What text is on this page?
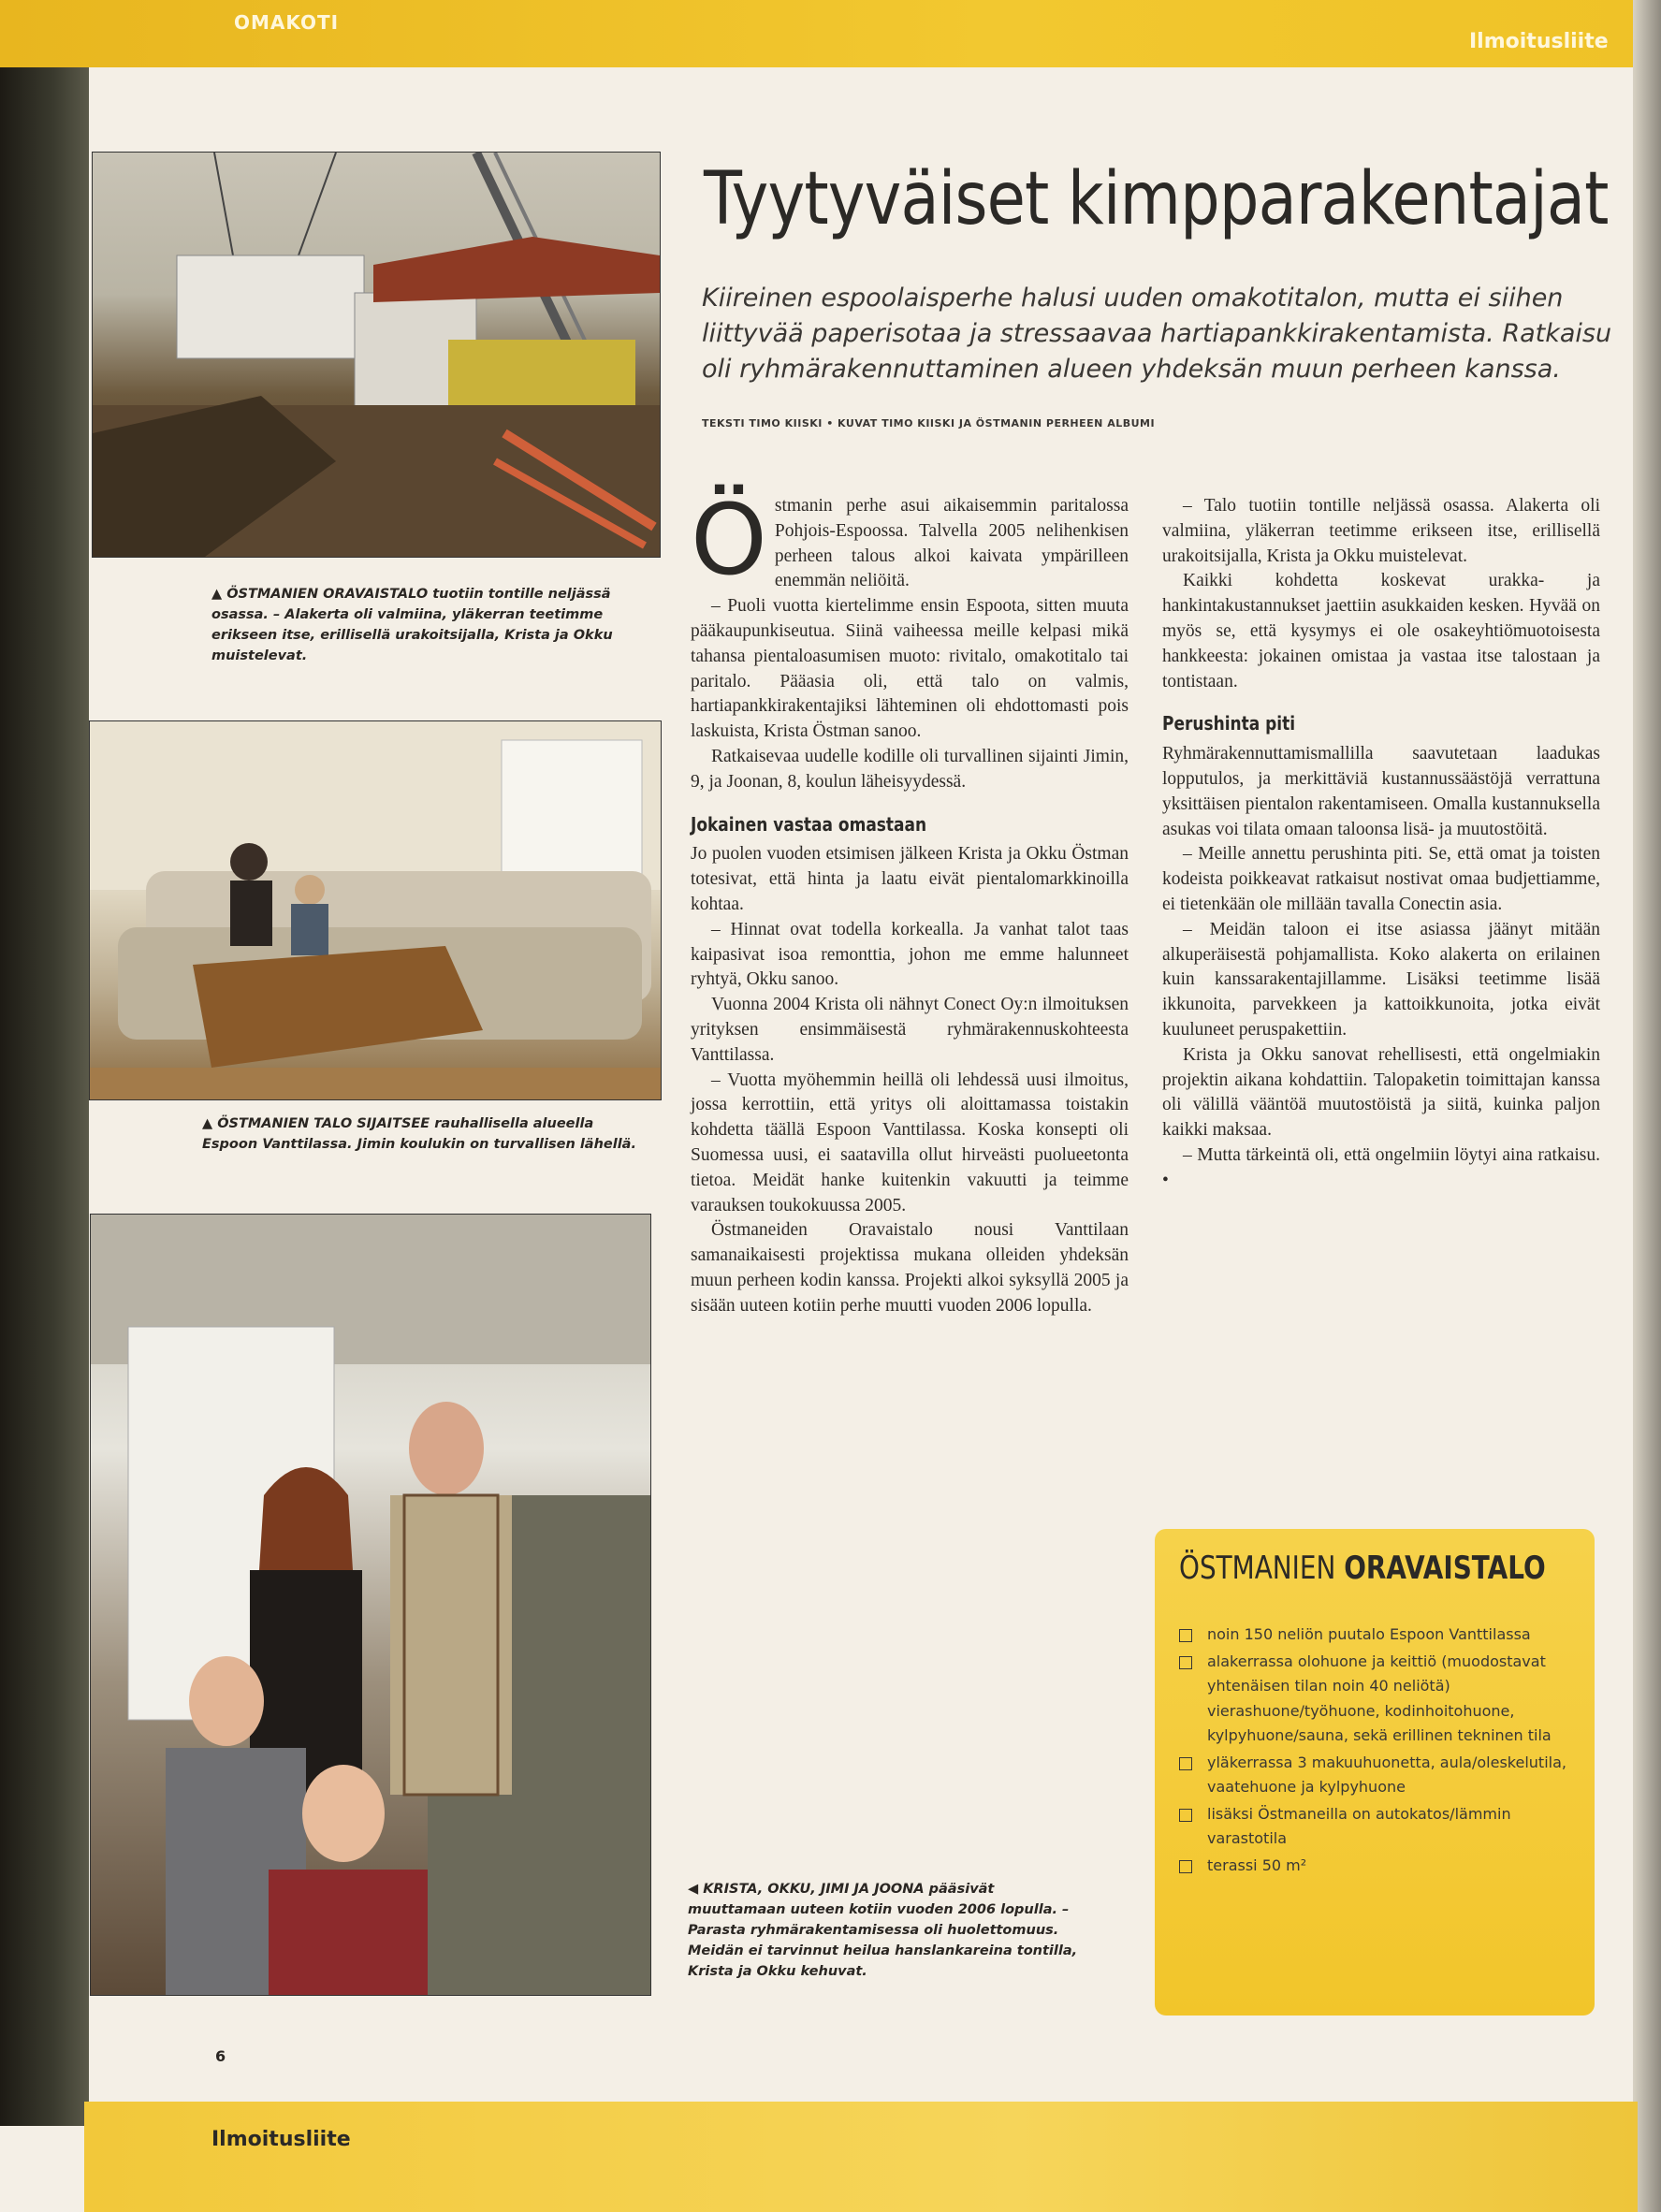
OMAKOTI
Ilmoitusliite
▲ ÖSTMANIEN ORAVAISTALO tuotiin tontille neljässä osassa. – Alakerta oli valmiina, yläkerran teetimme erikseen itse, erillisellä urakoitsijalla, Krista ja Okku muistelevat.
▲ ÖSTMANIEN TALO SIJAITSEE rauhallisella alueella Espoon Vanttilassa. Jimin koulukin on turvallisen lähellä.
◀ KRISTA, OKKU, JIMI JA JOONA pääsivät muuttamaan uuteen kotiin vuoden 2006 lopulla. – Parasta ryhmärakentamisessa oli huolettomuus. Meidän ei tarvinnut heilua hanslankareina tontilla, Krista ja Okku kehuvat.
Tyytyväiset kimpparakentajat
Kiireinen espoolaisperhe halusi uuden omakotitalon, mutta ei siihen liittyvää paperisotaa ja stressaavaa hartiapankkirakentamista. Ratkaisu oli ryhmärakennuttaminen alueen yhdeksän muun perheen kanssa.
TEKSTI TIMO KIISKI • KUVAT TIMO KIISKI JA ÖSTMANIN PERHEEN ALBUMI

Östmanin perhe asui aikaisemmin paritalossa Pohjois-Espoossa. Talvella 2005 nelihenkisen perheen talous alkoi kaivata ympärilleen enemmän neliöitä.

– Puoli vuotta kiertelimme ensin Espoota, sitten muuta pääkaupunkiseutua. Siinä vaiheessa meille kelpasi mikä tahansa pientaloasumisen muoto: rivitalo, omakotitalo tai paritalo. Pääasia oli, että talo on valmis, hartiapankkirakentajiksi lähteminen oli ehdottomasti pois laskuista, Krista Östman sanoo.

Ratkaisevaa uudelle kodille oli turvallinen sijainti Jimin, 9, ja Joonan, 8, koulun läheisyydessä.

Jokainen vastaa omastaan

Jo puolen vuoden etsimisen jälkeen Krista ja Okku Östman totesivat, että hinta ja laatu eivät pientalomarkkinoilla kohtaa.

– Hinnat ovat todella korkealla. Ja vanhat talot taas kaipasivat isoa remonttia, johon me emme halunneet ryhtyä, Okku sanoo.

Vuonna 2004 Krista oli nähnyt Conect Oy:n ilmoituksen yrityksen ensimmäisestä ryhmärakennuskohteesta Vanttilassa.

– Vuotta myöhemmin heillä oli lehdessä uusi ilmoitus, jossa kerrottiin, että yritys oli aloittamassa toistakin kohdetta täällä Espoon Vanttilassa. Koska konsepti oli Suomessa uusi, ei saatavilla ollut hirveästi puolueetonta tietoa. Meidät hanke kuitenkin vakuutti ja teimme varauksen toukokuussa 2005.

Östmaneiden Oravaistalo nousi Vanttilaan samanaikaisesti projektissa mukana olleiden yhdeksän muun perheen kodin kanssa. Projekti alkoi syksyllä 2005 ja sisään uuteen kotiin perhe muutti vuoden 2006 lopulla.

– Talo tuotiin tontille neljässä osassa. Alakerta oli valmiina, yläkerran teetimme erikseen itse, erillisellä urakoitsijalla, Krista ja Okku muistelevat.

Kaikki kohdetta koskevat urakka- ja hankintakustannukset jaettiin asukkaiden kesken. Hyvää on myös se, että kysymys ei ole osakeyhtiömuotoisesta hankkeesta: jokainen omistaa ja vastaa itse talostaan ja tontistaan.

Perushinta piti

Ryhmärakennuttamismallilla saavutetaan laadukas lopputulos, ja merkittäviä kustannussäästöjä verrattuna yksittäisen pientalon rakentamiseen. Omalla kustannuksella asukas voi tilata omaan taloonsa lisä- ja muutostöitä.

– Meille annettu perushinta piti. Se, että omat ja toisten kodeista poikkeavat ratkaisut nostivat omaa budjettiamme, ei tietenkään ole millään tavalla Conectin asia.

– Meidän taloon ei itse asiassa jäänyt mitään alkuperäisestä pohjamallista. Koko alakerta on erilainen kuin kanssarakentajillamme. Lisäksi teetimme lisää ikkunoita, parvekkeen ja kattoikkunoita, jotka eivät kuuluneet peruspakettiin.

Krista ja Okku sanovat rehellisesti, että ongelmiakin projektin aikana kohdattiin. Talopaketin toimittajan kanssa oli välillä vääntöä muutostöistä ja siitä, kuinka paljon kaikki maksaa.

– Mutta tärkeintä oli, että ongelmiin löytyi aina ratkaisu. •

ÖSTMANIEN ORAVAISTALO
noin 150 neliön puutalo Espoon Vanttilassa
alakerrassa olohuone ja keittiö (muodostavat yhtenäisen tilan noin 40 neliötä) vierashuone/työhuone, kodinhoitohuone, kylpyhuone/sauna, sekä erillinen tekninen tila
yläkerrassa 3 makuuhuonetta, aula/oleskelutila, vaatehuone ja kylpyhuone
lisäksi Östmaneilla on autokatos/lämmin varastotila
terassi 50 m²
6
Ilmoitusliite
